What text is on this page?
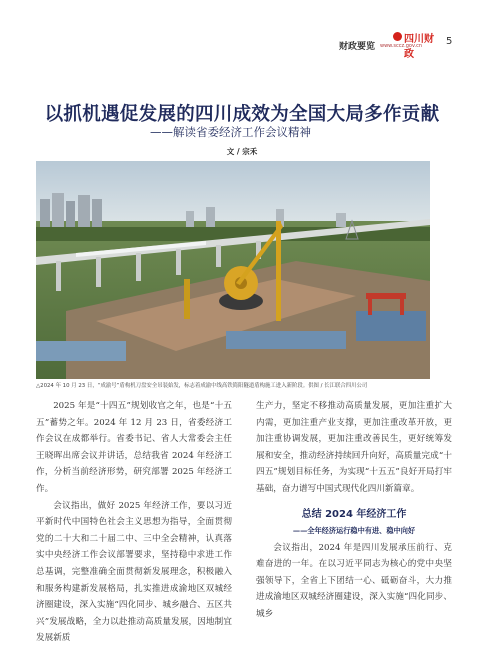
财政要览
四川财政
www.sccz.gov.cn 5
以抓机遇促发展的四川成效为全国大局多作贡献
——解读省委经济工作会议精神
文 / 宗禾
△2024 年 10 月 23 日，“成渝号”盾构机刀盘安全吊装始发，标志着成渝中线高铁简阳隧道盾构施工进入新阶段。供图 / 长江联合四川公司

2025 年是“十四五”规划收官之年，也是“十五五”蓄势之年。2024 年 12 月 23 日，省委经济工作会议在成都举行。省委书记、省人大常委会主任王晓晖出席会议并讲话，总结我省 2024 年经济工作，分析当前经济形势，研究部署 2025 年经济工作。

会议指出，做好 2025 年经济工作，要以习近平新时代中国特色社会主义思想为指导，全面贯彻党的二十大和二十届二中、三中全会精神，认真落实中央经济工作会议部署要求，坚持稳中求进工作总基调，完整准确全面贯彻新发展理念，积极融入和服务构建新发展格局，扎实推进成渝地区双城经济圈建设，深入实施“四化同步、城乡融合、五区共兴”发展战略，全力以赴推动高质量发展，因地制宜发展新质

生产力，坚定不移推动高质量发展，更加注重扩大内需，更加注重产业支撑，更加注重改革开放，更加注重协调发展，更加注重改善民生，更好统筹发展和安全，推动经济持续回升向好，高质量完成“十四五”规划目标任务，为实现“十五五”良好开局打牢基础，奋力谱写中国式现代化四川新篇章。

总结 2024 年经济工作
——全年经济运行稳中有进、稳中向好

会议指出，2024 年是四川发展承压前行、克难奋进的一年。在以习近平同志为核心的党中央坚强领导下，全省上下团结一心、砥砺奋斗，大力推进成渝地区双城经济圈建设，深入实施“四化同步、城乡
